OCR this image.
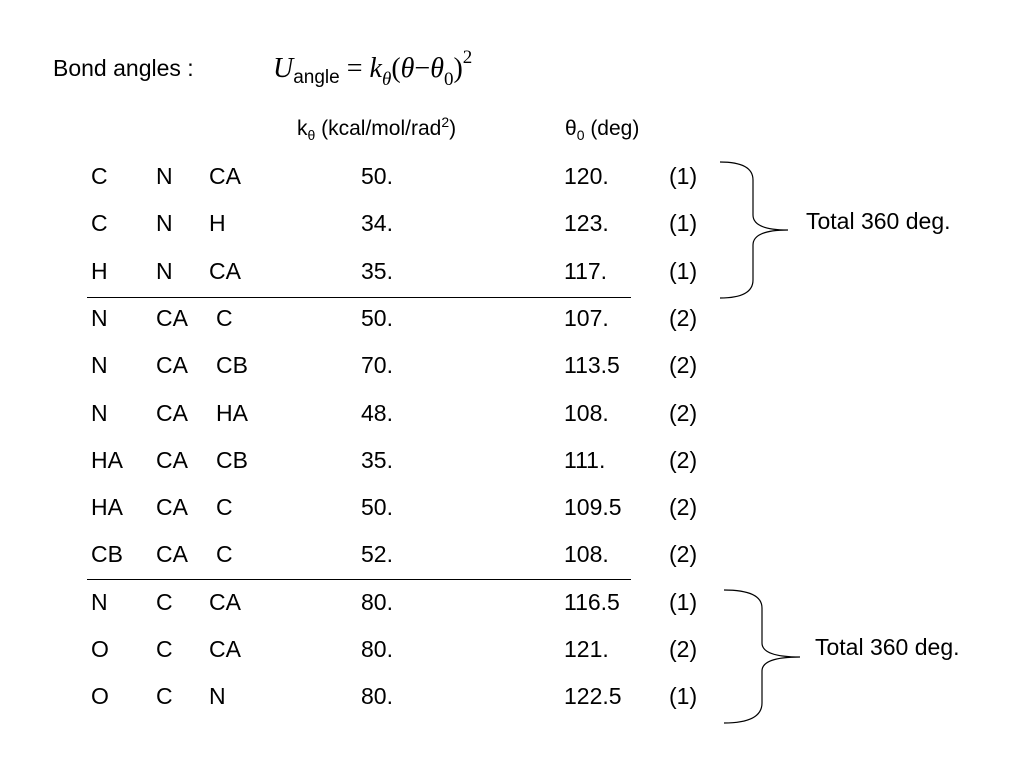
Bond angles :	$U_{angle} = k_\theta(\theta-\theta_0)^2$
$k_\theta$ (kcal/mol/rad$^2$)	$\theta_0$ (deg)
C N CA	50.	120.	(1)
C N H	34.	123.	(1)
H N CA	35.	117.	(1)
N CA C	50.	107.	(2)
N CA CB	70.	113.5 (2)
N CA HA	48.	108.	(2)
HA CA CB	35.	111.	(2)
HA CA C	50.	109.5 (2)
CB CA C	52.	108.	(2)
N C CA	80.	116.5 (1)
O C CA	80.	121.	(2)
O C N	80.	122.5 (1)
Total 360 deg.
Total 360 deg.
